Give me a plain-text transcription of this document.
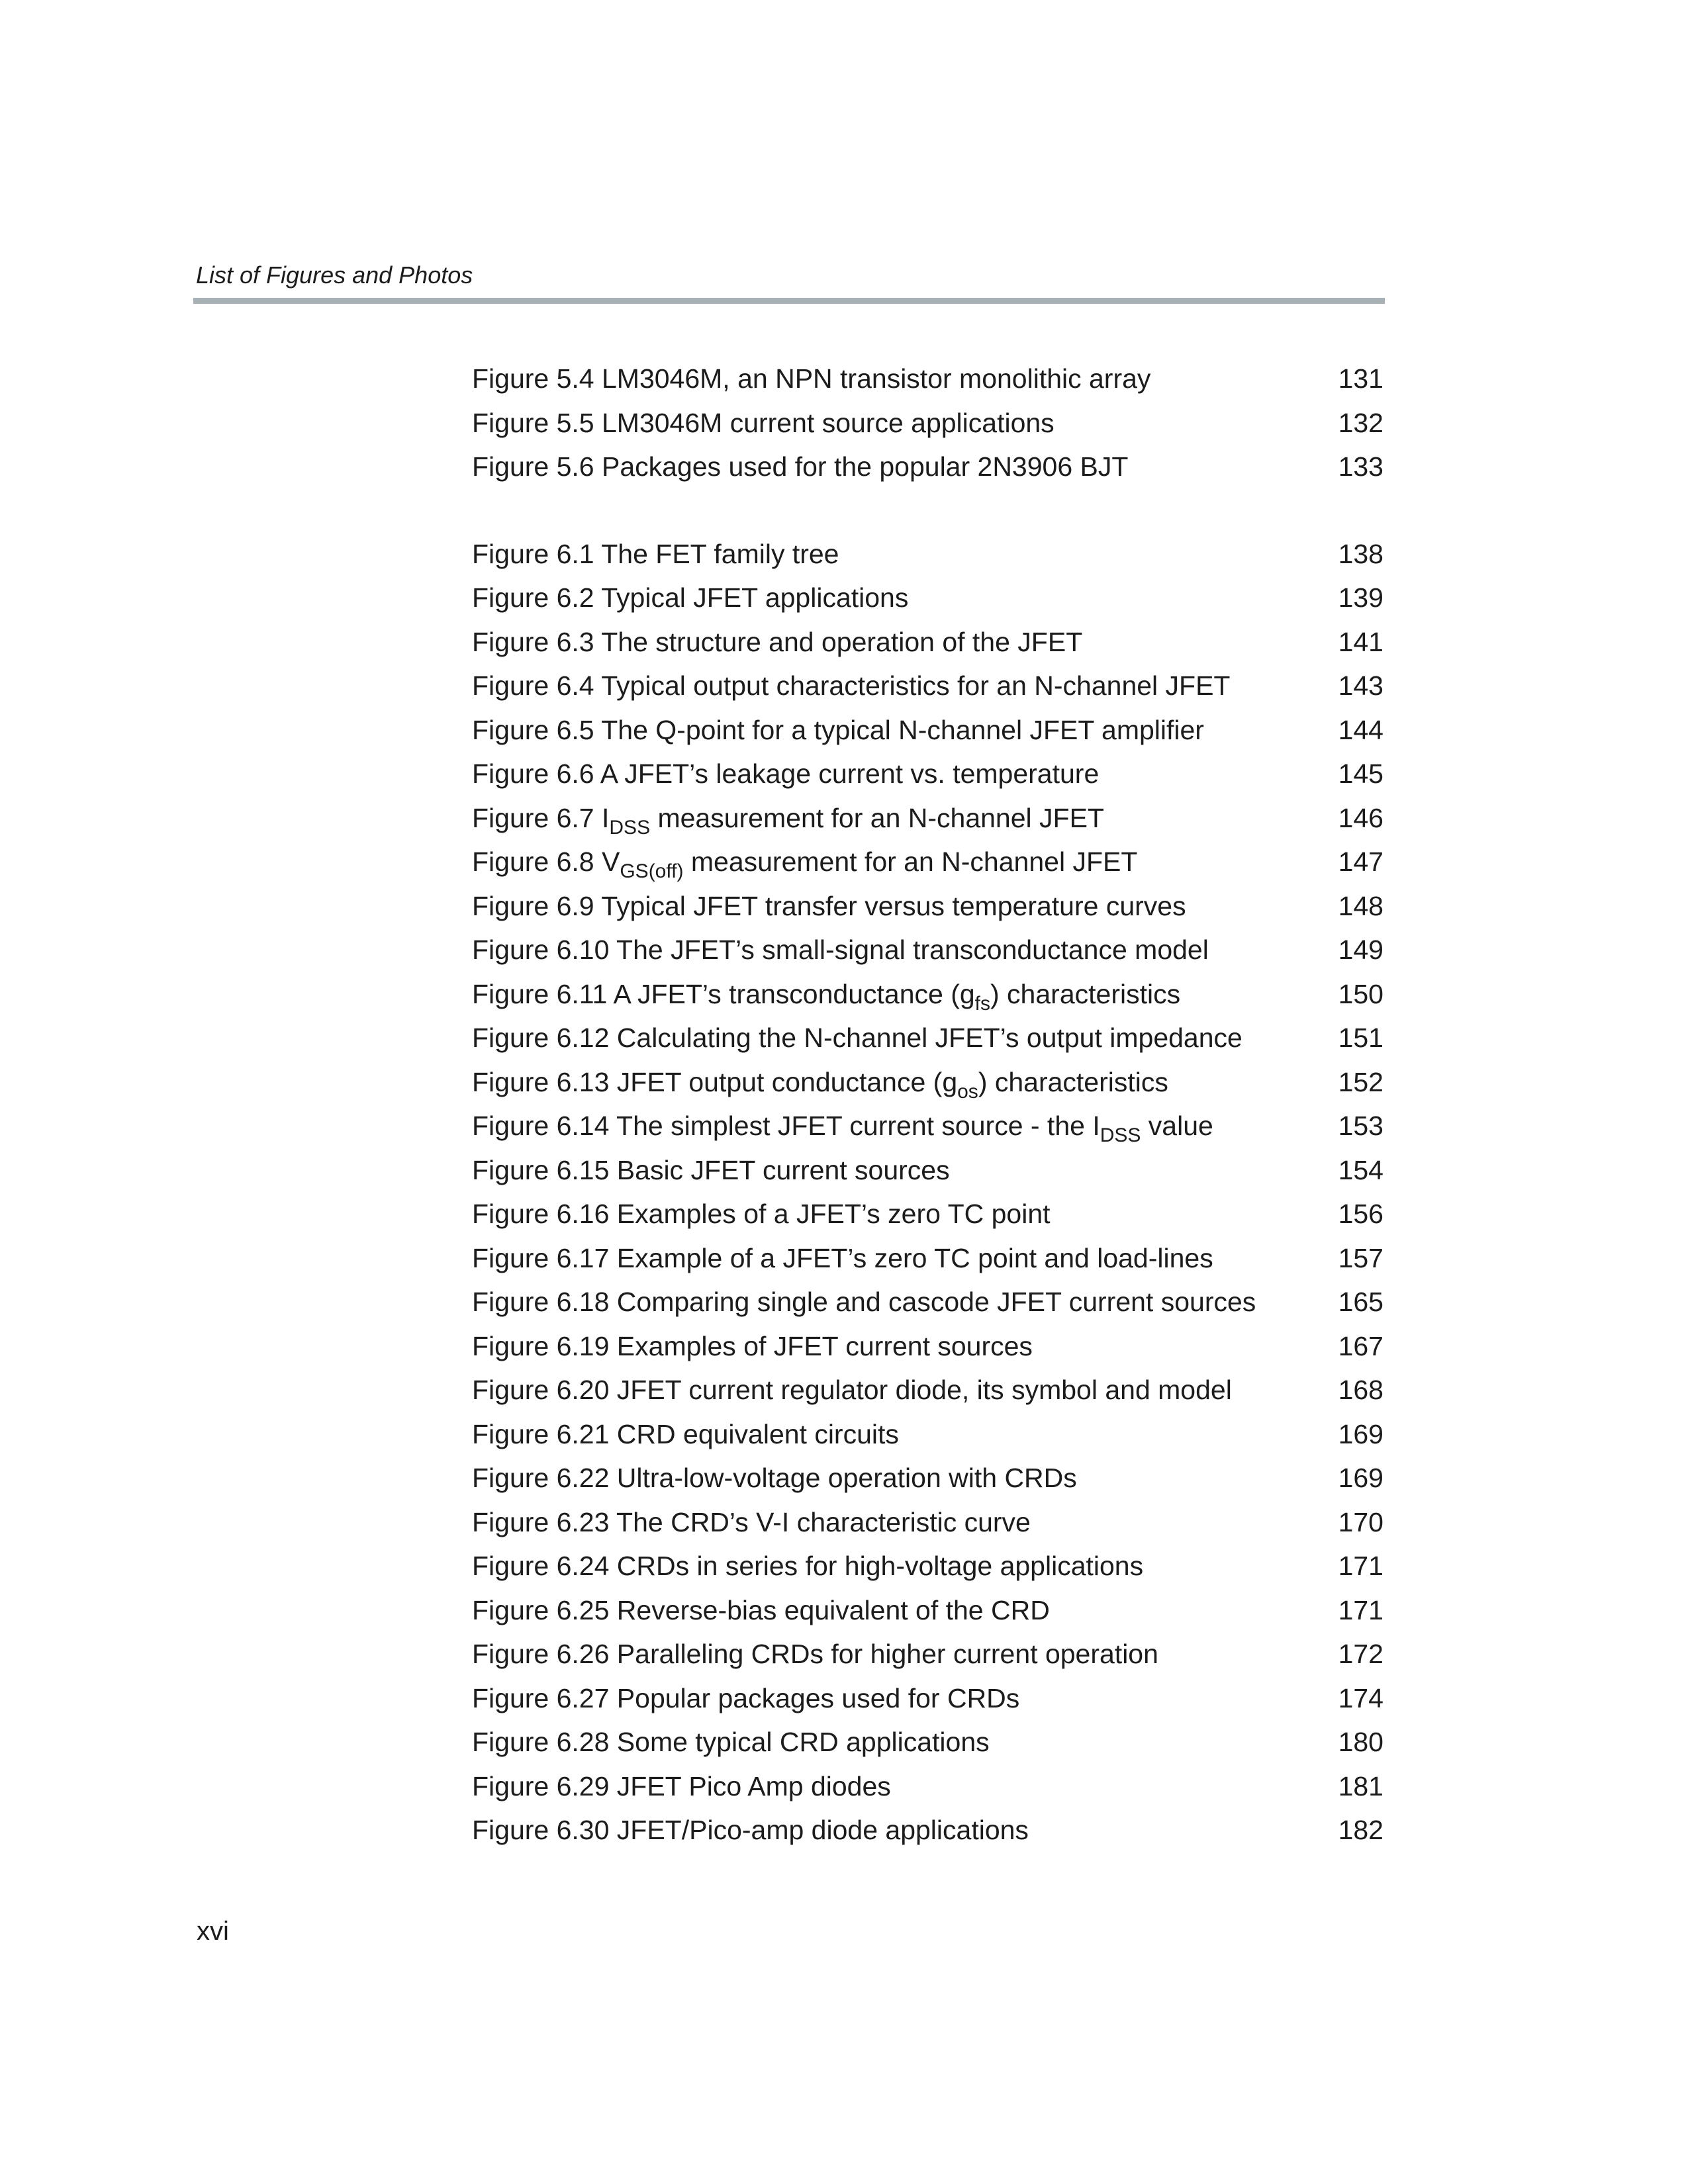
List of Figures and Photos
Figure 5.4 LM3046M, an NPN transistor monolithic array	131
Figure 5.5 LM3046M current source applications	132
Figure 5.6 Packages used for the popular 2N3906 BJT	133
Figure 6.1 The FET family tree	138
Figure 6.2 Typical JFET applications	139
Figure 6.3 The structure and operation of the JFET	141
Figure 6.4 Typical output characteristics for an N-channel JFET	143
Figure 6.5 The Q-point for a typical N-channel JFET amplifier	144
Figure 6.6 A JFET’s leakage current vs. temperature	145
Figure 6.7 $I_{DSS}$ measurement for an N-channel JFET	146
Figure 6.8 $V_{GS(off)}$ measurement for an N-channel JFET	147
Figure 6.9 Typical JFET transfer versus temperature curves	148
Figure 6.10 The JFET’s small-signal transconductance model	149
Figure 6.11 A JFET’s transconductance $(g_{fs})$ characteristics	150
Figure 6.12 Calculating the N-channel JFET’s output impedance	151
Figure 6.13 JFET output conductance $(g_{os})$ characteristics	152
Figure 6.14 The simplest JFET current source - the $I_{DSS}$ value	153
Figure 6.15 Basic JFET current sources	154
Figure 6.16 Examples of a JFET’s zero TC point	156
Figure 6.17 Example of a JFET’s zero TC point and load-lines	157
Figure 6.18 Comparing single and cascode JFET current sources	165
Figure 6.19 Examples of JFET current sources	167
Figure 6.20 JFET current regulator diode, its symbol and model	168
Figure 6.21 CRD equivalent circuits	169
Figure 6.22 Ultra-low-voltage operation with CRDs	169
Figure 6.23 The CRD’s V-I characteristic curve	170
Figure 6.24 CRDs in series for high-voltage applications	171
Figure 6.25 Reverse-bias equivalent of the CRD	171
Figure 6.26 Paralleling CRDs for higher current operation	172
Figure 6.27 Popular packages used for CRDs	174
Figure 6.28 Some typical CRD applications	180
Figure 6.29 JFET Pico Amp diodes	181
Figure 6.30 JFET/Pico-amp diode applications	182
xvi
